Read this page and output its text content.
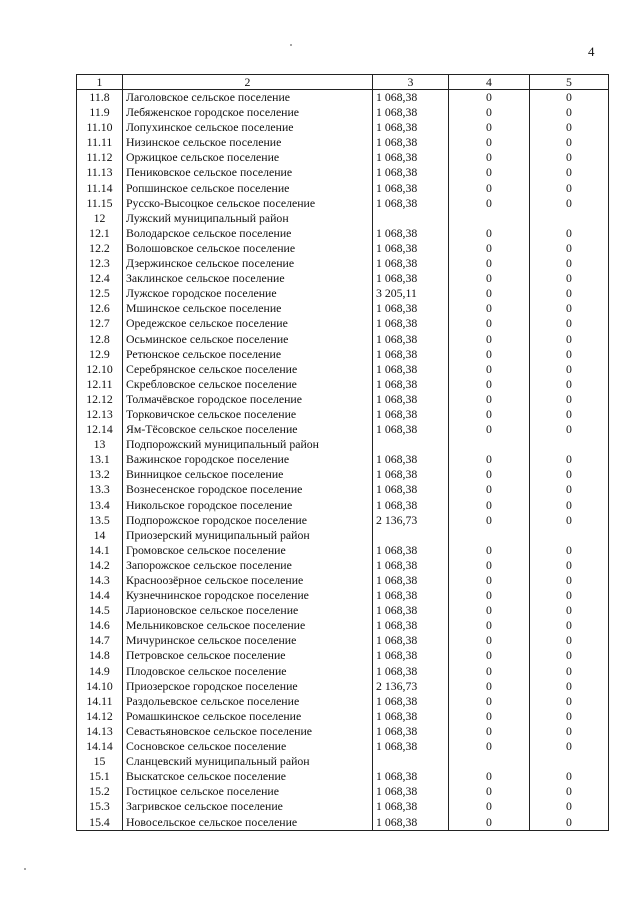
4
1	2	3	4	5
11.8	Лаголовское сельское поселение	1 068,38	0	0
11.9	Лебяженское городское поселение	1 068,38	0	0
11.10	Лопухинское сельское поселение	1 068,38	0	0
11.11	Низинское сельское поселение	1 068,38	0	0
11.12	Оржицкое сельское поселение	1 068,38	0	0
11.13	Пениковское сельское поселение	1 068,38	0	0
11.14	Ропшинское сельское поселение	1 068,38	0	0
11.15	Русско-Высоцкое сельское поселение	1 068,38	0	0
12	Лужский муниципальный район			
12.1	Володарское сельское поселение	1 068,38	0	0
12.2	Волошовское сельское поселение	1 068,38	0	0
12.3	Дзержинское сельское поселение	1 068,38	0	0
12.4	Заклинское сельское поселение	1 068,38	0	0
12.5	Лужское городское поселение	3 205,11	0	0
12.6	Мшинское сельское поселение	1 068,38	0	0
12.7	Оредежское сельское поселение	1 068,38	0	0
12.8	Осьминское сельское поселение	1 068,38	0	0
12.9	Ретюнское сельское поселение	1 068,38	0	0
12.10	Серебрянское сельское поселение	1 068,38	0	0
12.11	Скребловское сельское поселение	1 068,38	0	0
12.12	Толмачёвское городское поселение	1 068,38	0	0
12.13	Торковичское сельское поселение	1 068,38	0	0
12.14	Ям-Тёсовское сельское поселение	1 068,38	0	0
13	Подпорожский муниципальный район			
13.1	Важинское городское поселение	1 068,38	0	0
13.2	Винницкое сельское поселение	1 068,38	0	0
13.3	Вознесенское городское поселение	1 068,38	0	0
13.4	Никольское городское поселение	1 068,38	0	0
13.5	Подпорожское городское поселение	2 136,73	0	0
14	Приозерский муниципальный район			
14.1	Громовское сельское поселение	1 068,38	0	0
14.2	Запорожское сельское поселение	1 068,38	0	0
14.3	Красноозёрное сельское поселение	1 068,38	0	0
14.4	Кузнечнинское городское поселение	1 068,38	0	0
14.5	Ларионовское сельское поселение	1 068,38	0	0
14.6	Мельниковское сельское поселение	1 068,38	0	0
14.7	Мичуринское сельское поселение	1 068,38	0	0
14.8	Петровское сельское поселение	1 068,38	0	0
14.9	Плодовское сельское поселение	1 068,38	0	0
14.10	Приозерское городское поселение	2 136,73	0	0
14.11	Раздольевское сельское поселение	1 068,38	0	0
14.12	Ромашкинское сельское поселение	1 068,38	0	0
14.13	Севастьяновское сельское поселение	1 068,38	0	0
14.14	Сосновское сельское поселение	1 068,38	0	0
15	Сланцевский муниципальный район			
15.1	Выскатское сельское поселение	1 068,38	0	0
15.2	Гостицкое сельское поселение	1 068,38	0	0
15.3	Загривское сельское поселение	1 068,38	0	0
15.4	Новосельское сельское поселение	1 068,38	0	0
